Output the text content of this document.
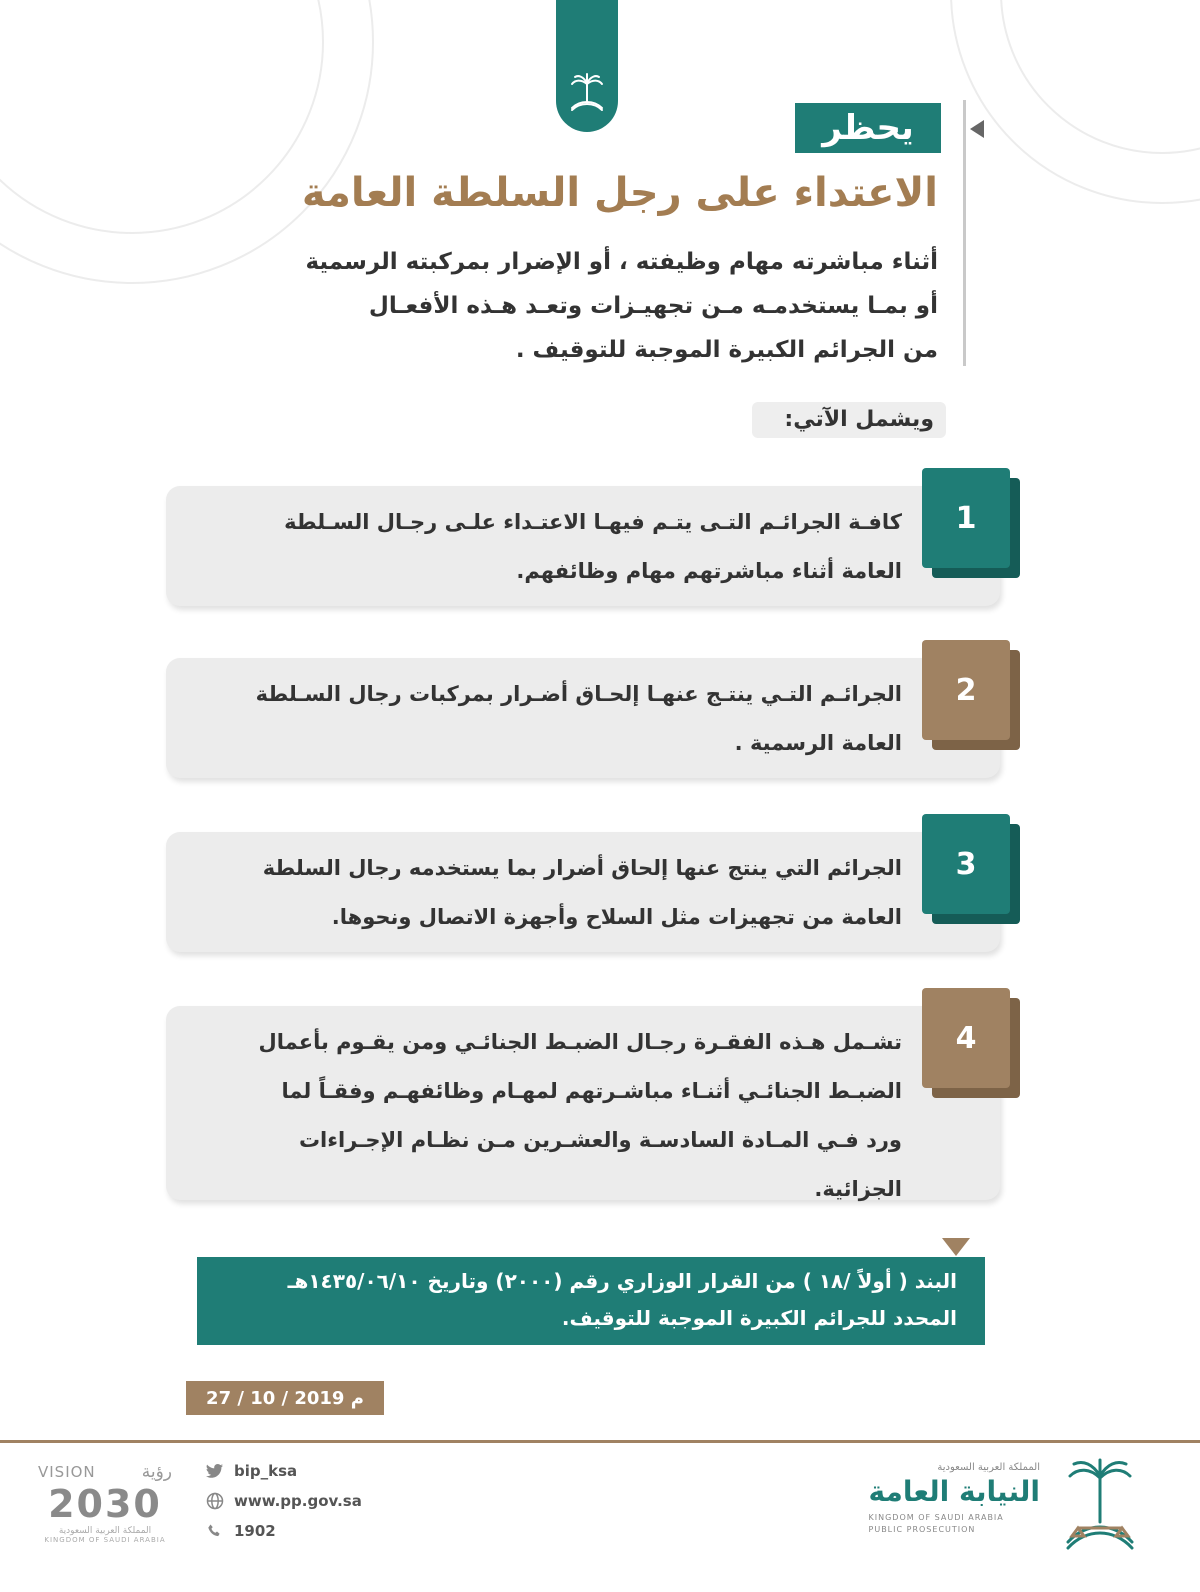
يحظر
الاعتداء على رجل السلطة العامة

أثناء مباشرته مهام وظيفته ، أو الإضرار بمركبته الرسمية

أو بمـا يستخدمـه مـن تجهيـزات وتعـد هـذه الأفعـال

من الجرائم الكبيرة الموجبة للتوقيف .

ويشمل الآتي:
كافـة الجرائـم التـى يتـم فيهـا الاعتـداء علـى رجـال السـلطة
العامة أثناء مباشرتهم مهام وظائفهم.
1
الجرائـم التـي ينتـج عنهـا إلحـاق أضـرار بمركبات رجال السـلطة
العامة الرسمية .
2
الجرائم التي ينتج عنها إلحاق أضرار بما يستخدمه رجال السلطة
العامة من تجهيزات مثل السلاح وأجهزة الاتصال ونحوها.
3
تشـمل هـذه الفقـرة رجـال الضبـط الجنائـي ومن يقـوم بأعمال
الضبـط الجنائـي أثنـاء مباشـرتهم لمهـام وظائفهـم وفقـاً لما
ورد فـي المـادة السادسـة والعشـرين مـن نظـام الإجـراءات
الجزائية.
4
البند ( أولاً /١٨ ) من القرار الوزاري رقم (٢٠٠٠) وتاريخ ١٤٣٥/٠٦/١٠هـ
المحدد للجرائم الكبيرة الموجبة للتوقيف.
27 / 10 / 2019 م
bip_ksa
www.pp.gov.sa
1902
VISION	رؤية
2030
المملكة العربية السعودية
KINGDOM OF SAUDI ARABIA
المملكة العربية السعودية
النيابة العامة
KINGDOM OF SAUDI ARABIA
PUBLIC PROSECUTION
